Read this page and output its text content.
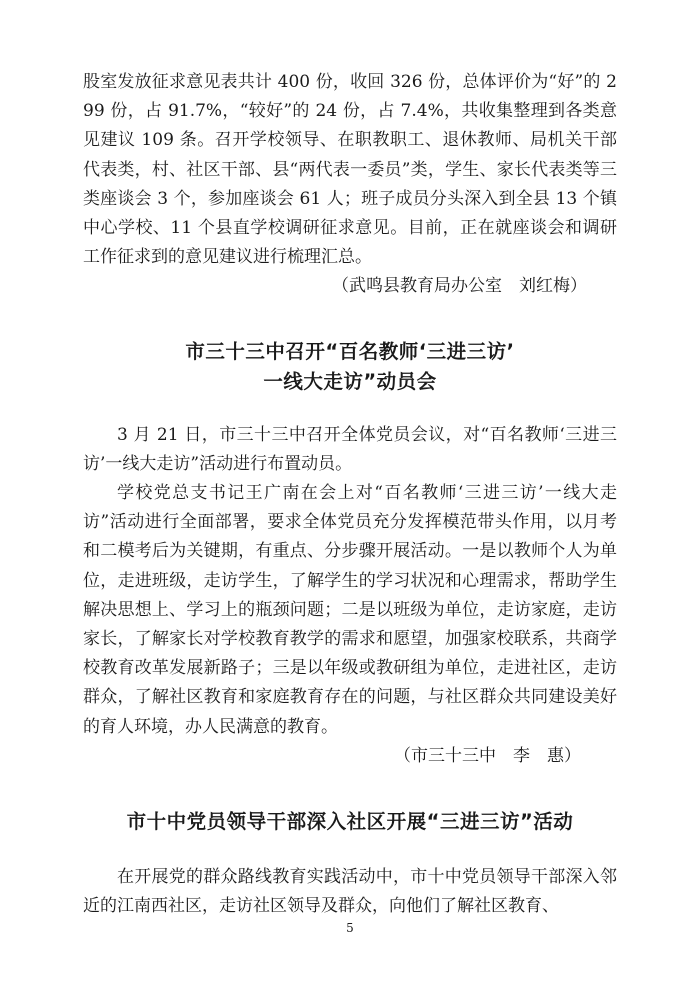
股室发放征求意见表共计 400 份，收回 326 份，总体评价为“好”的 299 份，占 91.7%，“较好”的 24 份，占 7.4%，共收集整理到各类意见建议 109 条。召开学校领导、在职教职工、退休教师、局机关干部代表类，村、社区干部、县“两代表一委员”类，学生、家长代表类等三类座谈会 3 个，参加座谈会 61 人；班子成员分头深入到全县 13 个镇中心学校、11 个县直学校调研征求意见。目前，正在就座谈会和调研工作征求到的意见建议进行梳理汇总。

（武鸣县教育局办公室　刘红梅）
市三十三中召开“百名教师‘三进三访’
一线大走访”动员会

3 月 21 日，市三十三中召开全体党员会议，对“百名教师‘三进三访’一线大走访”活动进行布置动员。

学校党总支书记王广南在会上对“百名教师‘三进三访’一线大走访”活动进行全面部署，要求全体党员充分发挥模范带头作用，以月考和二模考后为关键期，有重点、分步骤开展活动。一是以教师个人为单位，走进班级，走访学生，了解学生的学习状况和心理需求，帮助学生解决思想上、学习上的瓶颈问题；二是以班级为单位，走访家庭，走访家长，了解家长对学校教育教学的需求和愿望，加强家校联系，共商学校教育改革发展新路子；三是以年级或教研组为单位，走进社区，走访群众，了解社区教育和家庭教育存在的问题，与社区群众共同建设美好的育人环境，办人民满意的教育。

（市三十三中　李　惠）
市十中党员领导干部深入社区开展“三进三访”活动

在开展党的群众路线教育实践活动中，市十中党员领导干部深入邻近的江南西社区，走访社区领导及群众，向他们了解社区教育、

5
